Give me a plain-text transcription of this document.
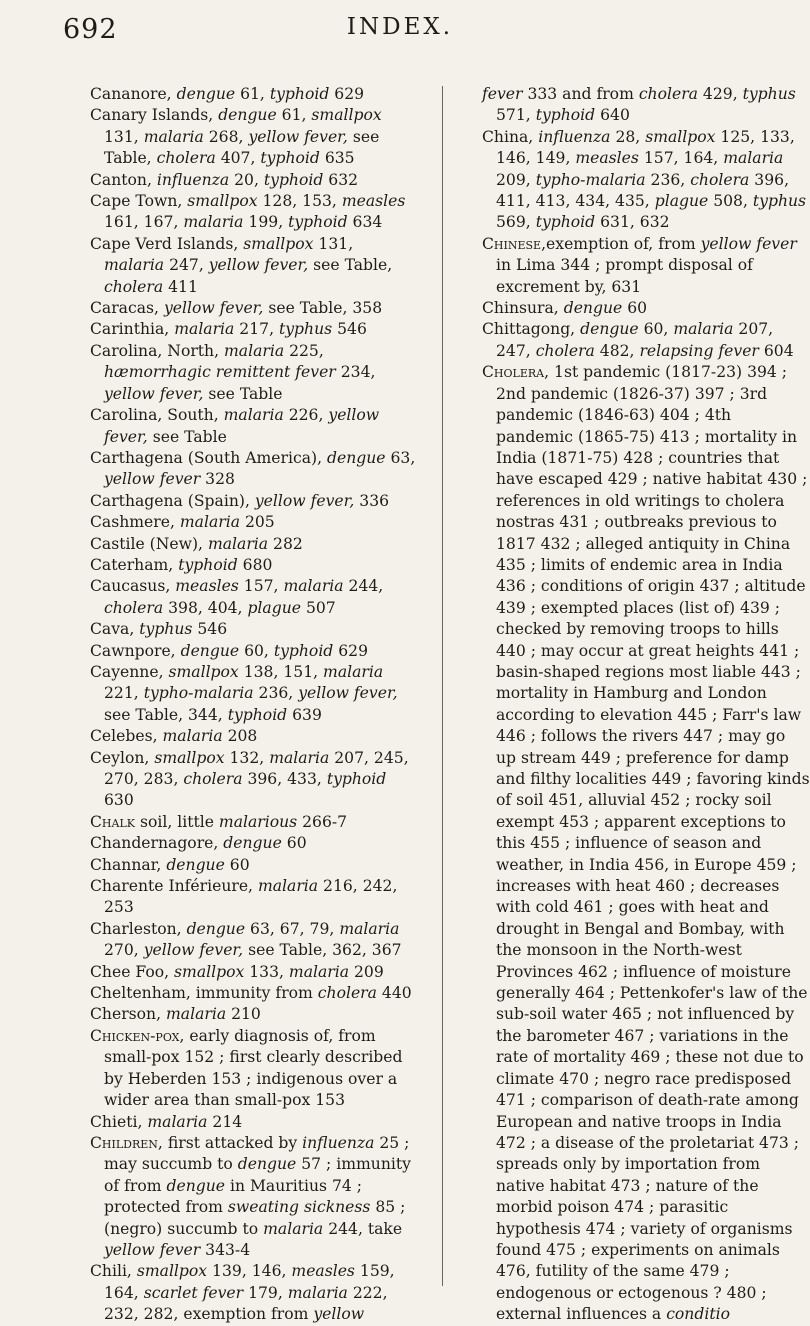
692	INDEX.

Cananore, dengue 61, typhoid 629

Canary Islands, dengue 61, smallpox 131, malaria 268, yellow fever, see Table, cholera 407, typhoid 635

Canton, influenza 20, typhoid 632

Cape Town, smallpox 128, 153, measles 161, 167, malaria 199, typhoid 634

Cape Verd Islands, smallpox 131, malaria 247, yellow fever, see Table, cholera 411

Caracas, yellow fever, see Table, 358

Carinthia, malaria 217, typhus 546

Carolina, North, malaria 225, hæmorrhagic remittent fever 234, yellow fever, see Table

Carolina, South, malaria 226, yellow fever, see Table

Carthagena (South America), dengue 63, yellow fever 328

Carthagena (Spain), yellow fever, 336

Cashmere, malaria 205

Castile (New), malaria 282

Caterham, typhoid 680

Caucasus, measles 157, malaria 244, cholera 398, 404, plague 507

Cava, typhus 546

Cawnpore, dengue 60, typhoid 629

Cayenne, smallpox 138, 151, malaria 221, typho-malaria 236, yellow fever, see Table, 344, typhoid 639

Celebes, malaria 208

Ceylon, smallpox 132, malaria 207, 245, 270, 283, cholera 396, 433, typhoid 630

Chalk soil, little malarious 266-7

Chandernagore, dengue 60

Channar, dengue 60

Charente Inférieure, malaria 216, 242, 253

Charleston, dengue 63, 67, 79, malaria 270, yellow fever, see Table, 362, 367

Chee Foo, smallpox 133, malaria 209

Cheltenham, immunity from cholera 440

Cherson, malaria 210

Chicken-pox, early diagnosis of, from small-pox 152 ; first clearly described by Heberden 153 ; indigenous over a wider area than small-pox 153

Chieti, malaria 214

Children, first attacked by influenza 25 ; may succumb to dengue 57 ; immunity of from dengue in Mauritius 74 ; protected from sweating sickness 85 ; (negro) succumb to malaria 244, take yellow fever 343-4

Chili, smallpox 139, 146, measles 159, 164, scarlet fever 179, malaria 222, 232, 282, exemption from yellow

fever 333 and from cholera 429, typhus 571, typhoid 640

China, influenza 28, smallpox 125, 133, 146, 149, measles 157, 164, malaria 209, typho-malaria 236, cholera 396, 411, 413, 434, 435, plague 508, typhus 569, typhoid 631, 632

Chinese,exemption of, from yellow fever in Lima 344 ; prompt disposal of excrement by, 631

Chinsura, dengue 60

Chittagong, dengue 60, malaria 207, 247, cholera 482, relapsing fever 604

Cholera, 1st pandemic (1817-23) 394 ; 2nd pandemic (1826-37) 397 ; 3rd pandemic (1846-63) 404 ; 4th pandemic (1865-75) 413 ; mortality in India (1871-75) 428 ; countries that have escaped 429 ; native habitat 430 ; references in old writings to cholera nostras 431 ; outbreaks previous to 1817 432 ; alleged antiquity in China 435 ; limits of endemic area in India 436 ; conditions of origin 437 ; altitude 439 ; exempted places (list of) 439 ; checked by removing troops to hills 440 ; may occur at great heights 441 ; basin-shaped regions most liable 443 ; mortality in Hamburg and London according to elevation 445 ; Farr's law 446 ; follows the rivers 447 ; may go up stream 449 ; preference for damp and filthy localities 449 ; favoring kinds of soil 451, alluvial 452 ; rocky soil exempt 453 ; apparent exceptions to this 455 ; influence of season and weather, in India 456, in Europe 459 ; increases with heat 460 ; decreases with cold 461 ; goes with heat and drought in Bengal and Bombay, with the monsoon in the North-west Provinces 462 ; influence of moisture generally 464 ; Pettenkofer's law of the sub-soil water 465 ; not influenced by the barometer 467 ; variations in the rate of mortality 469 ; these not due to climate 470 ; negro race predisposed 471 ; comparison of death-rate among European and native troops in India 472 ; a disease of the proletariat 473 ; spreads only by importation from native habitat 473 ; nature of the morbid poison 474 ; parasitic hypothesis 474 ; variety of organisms found 475 ; experiments on animals 476, futility of the same 479 ; endogenous or ectogenous ? 480 ; external influences a conditio
